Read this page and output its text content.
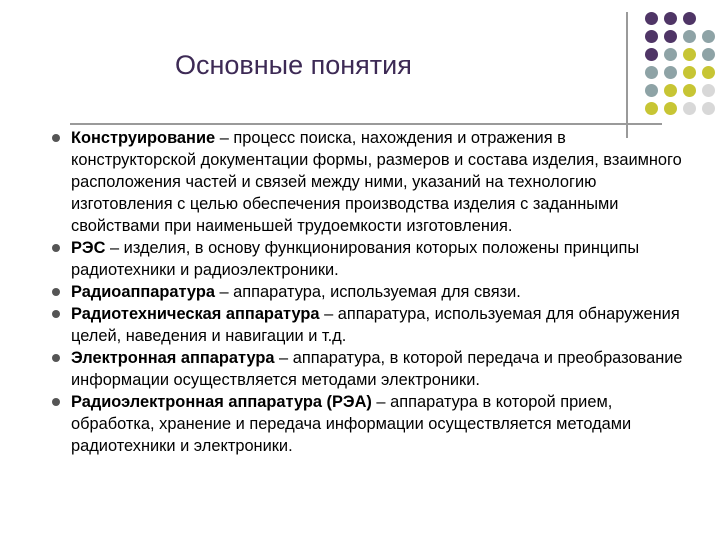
Основные понятия
Конструирование – процесс поиска, нахождения и отражения в конструкторской документации формы, размеров и состава изделия, взаимного расположения частей и связей между ними, указаний на технологию изготовления с целью обеспечения производства изделия с заданными свойствами при наименьшей трудоемкости изготовления.
РЭС – изделия, в основу функционирования которых положены принципы радиотехники и радиоэлектроники.
Радиоаппаратура – аппаратура, используемая для связи.
Радиотехническая аппаратура – аппаратура, используемая для обнаружения целей, наведения и навигации и т.д.
Электронная аппаратура – аппаратура, в которой передача и преобразование информации осуществляется методами электроники.
Радиоэлектронная аппаратура (РЭА) – аппаратура в которой прием, обработка, хранение и передача информации осуществляется методами радиотехники и электроники.
